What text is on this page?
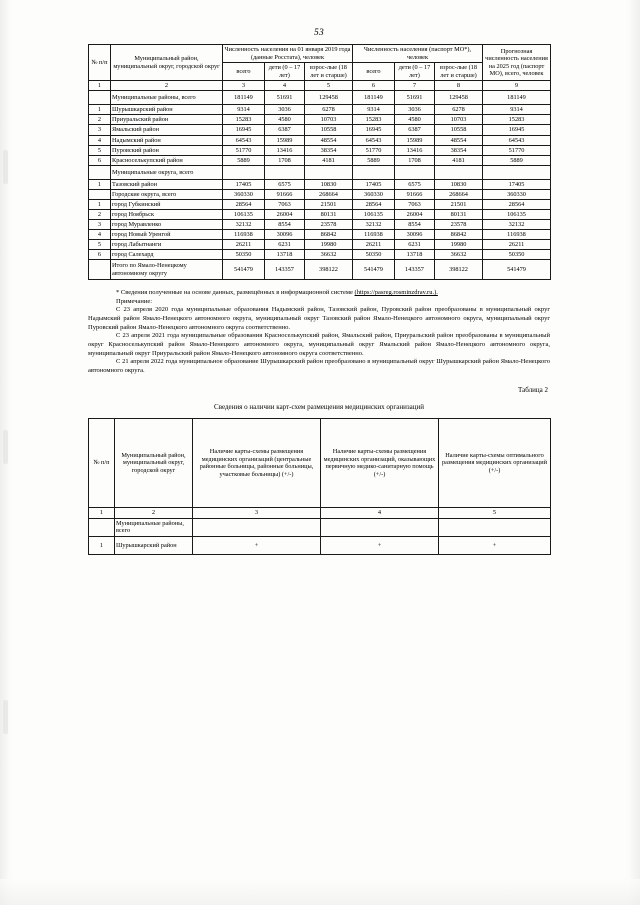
53
№ п/п	Муниципальный район, муниципальный округ, городской округ	Численность населения на 01 января 2019 года (данные Росстата), человек			Численность населения (паспорт МО*), человек			Прогнозная численность населения на 2025 год (паспорт МО), всего, человек
		всего	дети (0 – 17 лет)	взрос-лые (18 лет и старше)	всего	дети (0 – 17 лет)	взрос-лые (18 лет и старше)	
1	2	3	4	5	6	7	8	9
	Муниципальные районы, всего	181149	51691	129458	181149	51691	129458	181149
1	Шурышкарский район	9314	3036	6278	9314	3036	6278	9314
2	Приуральский район	15283	4580	10703	15283	4580	10703	15283
3	Ямальский район	16945	6387	10558	16945	6387	10558	16945
4	Надымский район	64543	15989	48554	64543	15989	48554	64543
5	Пуровский район	51770	13416	38354	51770	13416	38354	51770
6	Красноселькупский район	5889	1708	4181	5889	1708	4181	5889
	Муниципальные округа, всего							
1	Тазовский район	17405	6575	10830	17405	6575	10830	17405
	Городские округа, всего	360330	91666	268664	360330	91666	268664	360330
1	город Губкинский	28564	7063	21501	28564	7063	21501	28564
2	город Ноябрьск	106135	26004	80131	106135	26004	80131	106135
3	город Муравленко	32132	8554	23578	32132	8554	23578	32132
4	город Новый Уренгой	116938	30096	86842	116938	30096	86842	116938
5	город Лабытнанги	26211	6231	19980	26211	6231	19980	26211
6	город Салехард	50350	13718	36632	50350	13718	36632	50350
	Итого по Ямало-Ненецкому автономному округу	541479	143357	398122	541479	143357	398122	541479

* Сведения полученные на основе данных, размещённых в информационной системе (https://pasreg.rosminzdrav.ru.).

Примечание:

С 23 апреля 2020 года муниципальные образования Надымский район, Тазовский район, Пуровский район преобразованы в муниципальный округ Надымский район Ямало-Ненецкого автономного округа, муниципальный округ Тазовский район Ямало-Ненецкого автономного округа, муниципальный округ Пуровский район Ямало-Ненецкого автономного округа соответственно.

С 23 апреля 2021 года муниципальные образования Красноселькупский район, Ямальский район, Приуральский район преобразованы в муниципальный округ Красноселькупский район Ямало-Ненецкого автономного округа, муниципальный округ Ямальский район Ямало-Ненецкого автономного округа, муниципальный округ Приуральский район Ямало-Ненецкого автономного округа соответственно.

С 21 апреля 2022 года муниципальное образование Шурышкарский район преобразовано в муниципальный округ Шурышкарский район Ямало-Ненецкого автономного округа.

Таблица 2
Сведения о наличии карт-схем размещения медицинских организаций
№ п/п	Муниципальный район, муниципальный округ, городской округ	Наличие карты-схемы размещения медицинских организаций (центральные районные больницы, районные больницы, участковые больницы) (+/-)	Наличие карты-схемы размещения медицинских организаций, оказывающих первичную медико-санитарную помощь (+/-)	Наличие карты-схемы оптимального размещения медицинских организаций (+/-)
1	2	3	4	5
	Муниципальные районы, всего			
1	Шурышкарский район	+	+	+
